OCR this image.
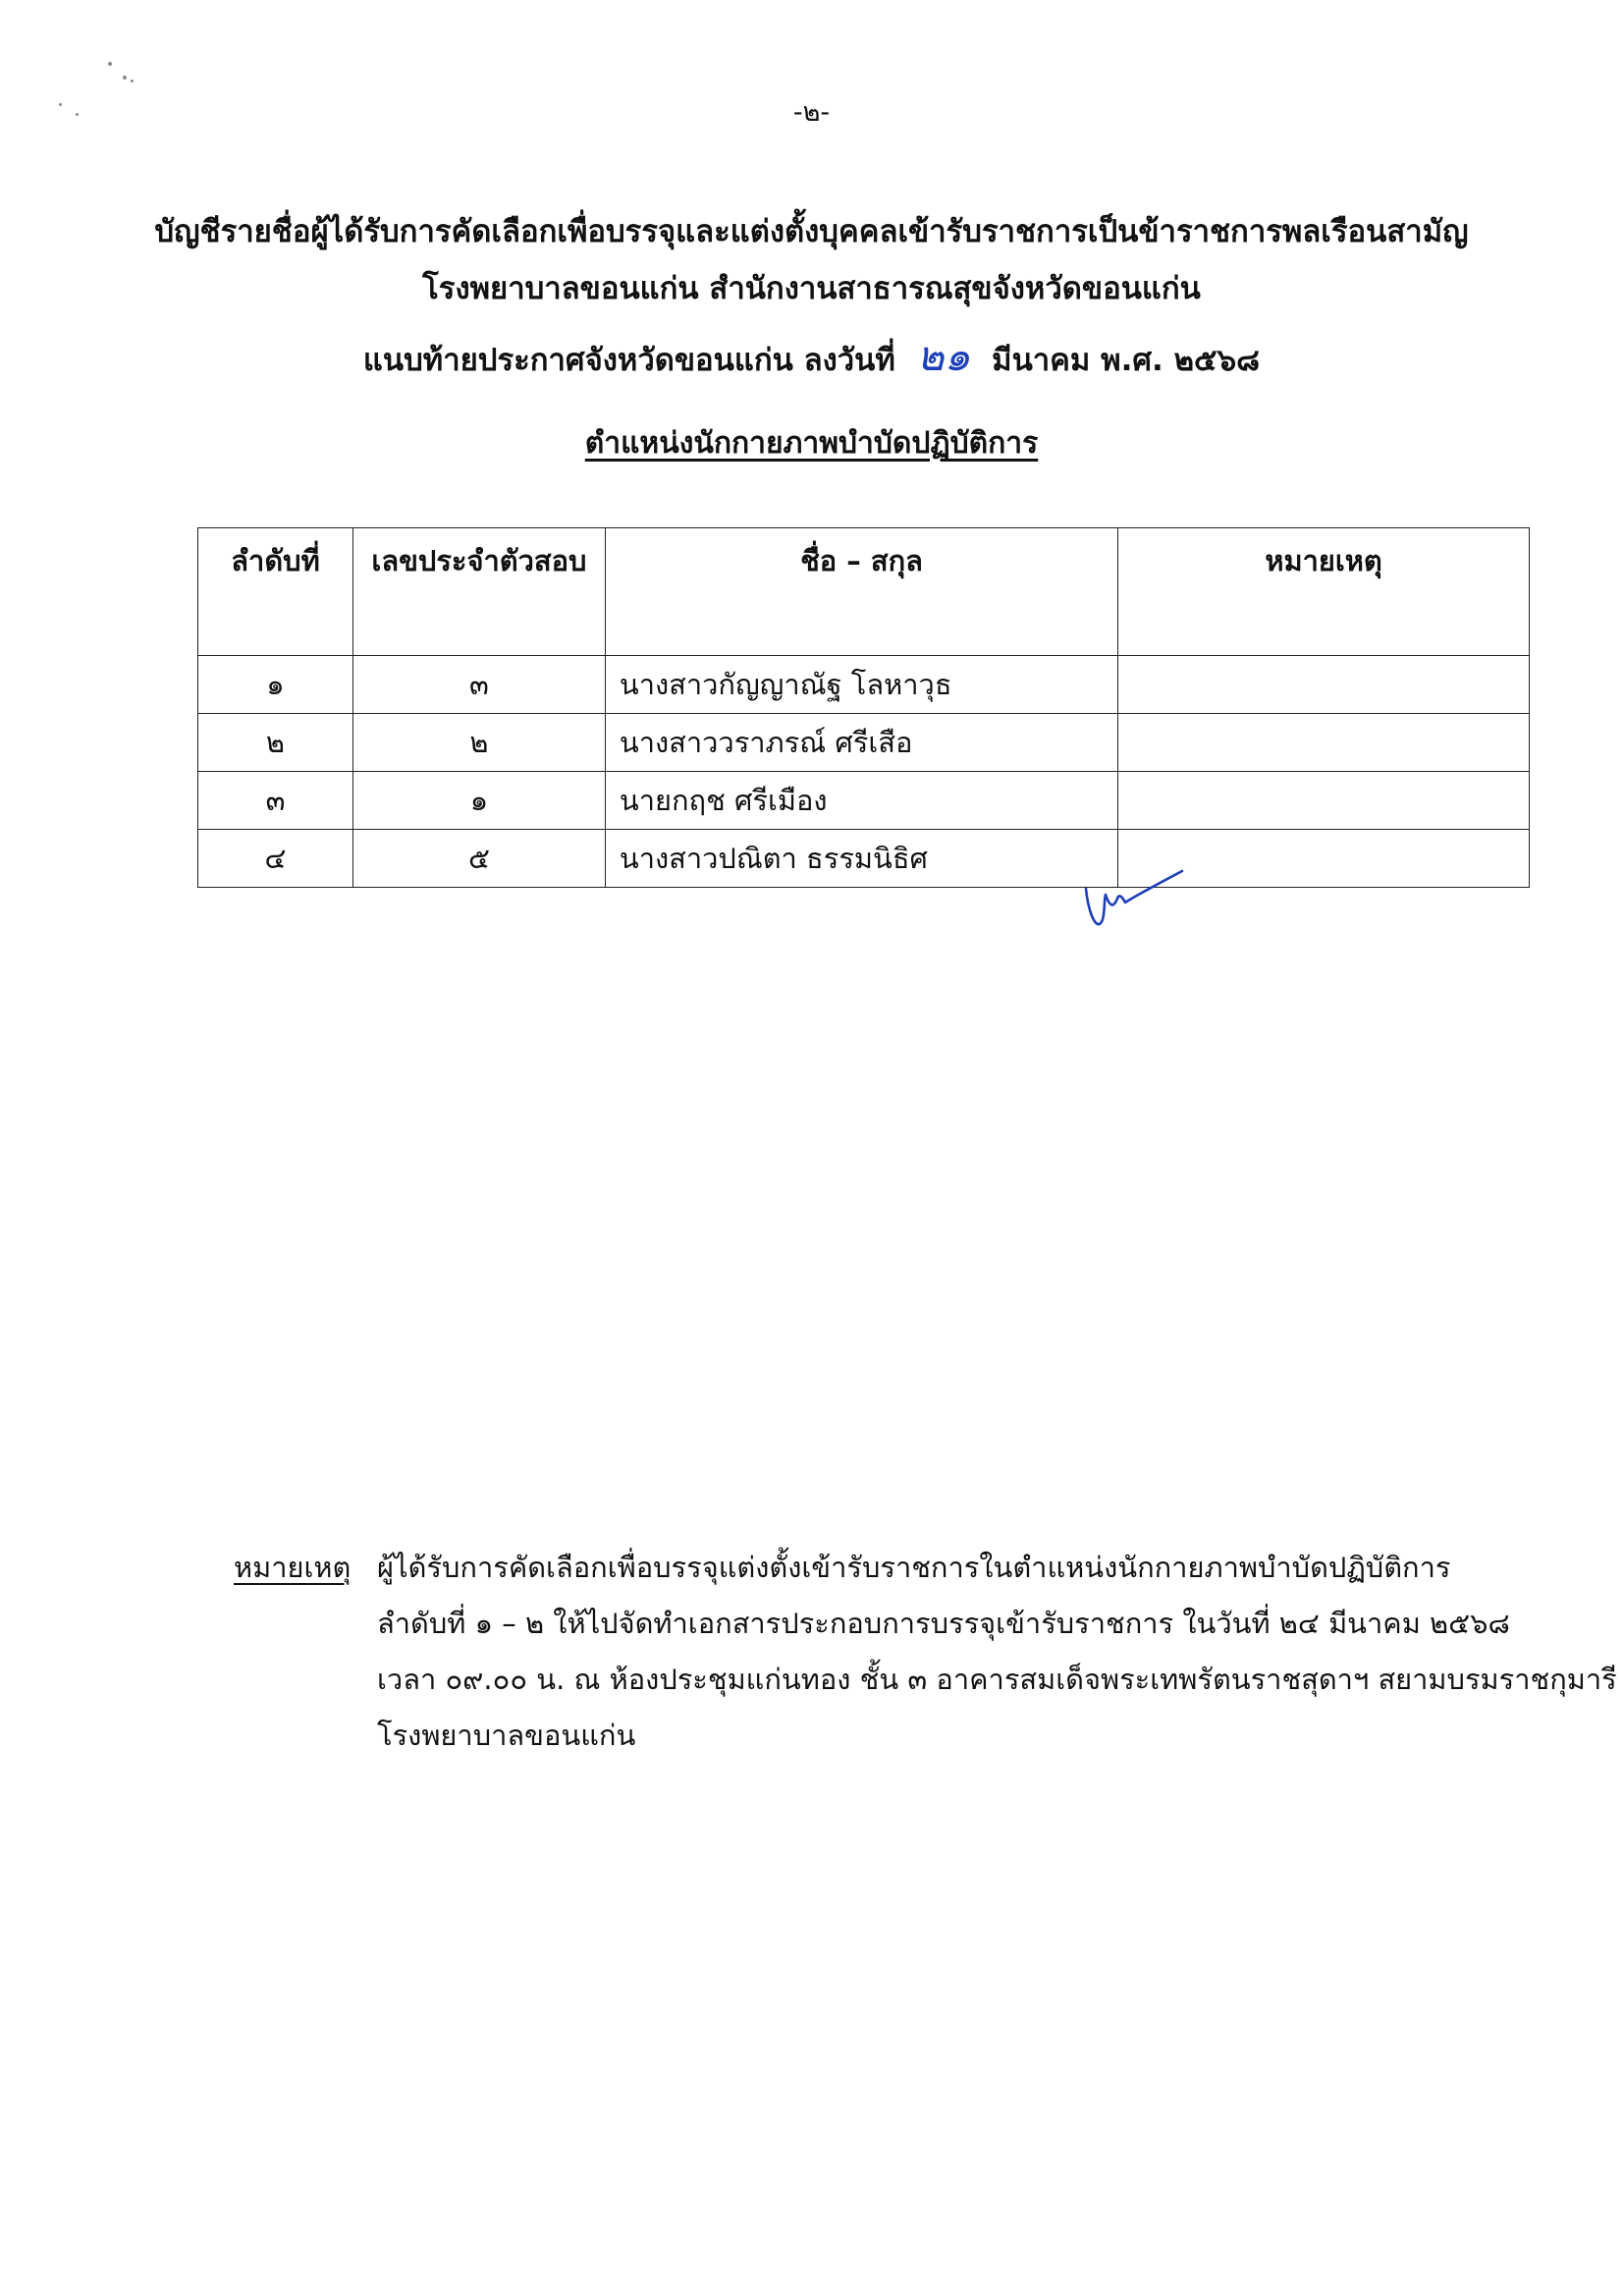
-๒-
บัญชีรายชื่อผู้ได้รับการคัดเลือกเพื่อบรรจุและแต่งตั้งบุคคลเข้ารับราชการเป็นข้าราชการพลเรือนสามัญ
โรงพยาบาลขอนแก่น สำนักงานสาธารณสุขจังหวัดขอนแก่น
แนบท้ายประกาศจังหวัดขอนแก่น ลงวันที่ ๒๑ มีนาคม พ.ศ. ๒๕๖๘
ตำแหน่งนักกายภาพบำบัดปฏิบัติการ
ลำดับที่	เลขประจำตัวสอบ	ชื่อ – สกุล	หมายเหตุ
๑	๓	นางสาวกัญญาณัฐ โลหาวุธ	
๒	๒	นางสาววราภรณ์ ศรีเสือ	
๓	๑	นายกฤช ศรีเมือง	
๔	๕	นางสาวปณิตา ธรรมนิธิศ	
หมายเหตุ ผู้ได้รับการคัดเลือกเพื่อบรรจุแต่งตั้งเข้ารับราชการในตำแหน่งนักกายภาพบำบัดปฏิบัติการ
ลำดับที่ ๑ – ๒ ให้ไปจัดทำเอกสารประกอบการบรรจุเข้ารับราชการ ในวันที่ ๒๔ มีนาคม ๒๕๖๘
เวลา ๐๙.๐๐ น. ณ ห้องประชุมแก่นทอง ชั้น ๓ อาคารสมเด็จพระเทพรัตนราชสุดาฯ สยามบรมราชกุมารี
โรงพยาบาลขอนแก่น
